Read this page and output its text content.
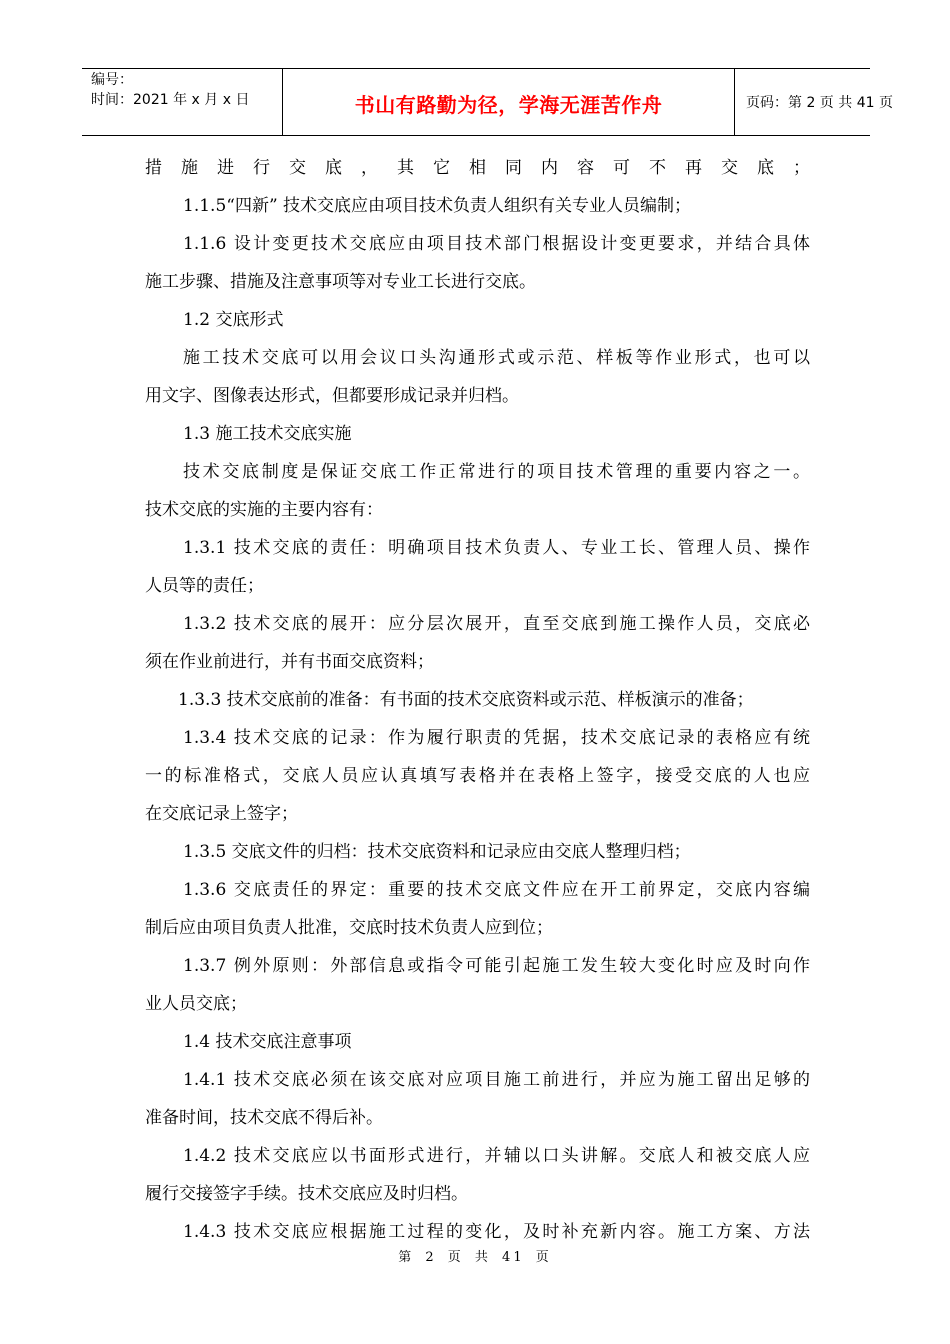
编号：
时间：2021 年 x 月 x 日	书山有路勤为径，学海无涯苦作舟	页码：第 2 页 共 41 页
措施进行交底，其它相同内容可不再交底；
1.1.5“四新” 技术交底应由项目技术负责人组织有关专业人员编制；
1.1.6 设计变更技术交底应由项目技术部门根据设计变更要求，并结合具体
施工步骤、措施及注意事项等对专业工长进行交底。
1.2 交底形式
施工技术交底可以用会议口头沟通形式或示范、样板等作业形式，也可以
用文字、图像表达形式，但都要形成记录并归档。
1.3 施工技术交底实施
技术交底制度是保证交底工作正常进行的项目技术管理的重要内容之一。
技术交底的实施的主要内容有：
1.3.1 技术交底的责任：明确项目技术负责人、专业工长、管理人员、操作
人员等的责任；
1.3.2 技术交底的展开：应分层次展开，直至交底到施工操作人员，交底必
须在作业前进行，并有书面交底资料；
1.3.3 技术交底前的准备：有书面的技术交底资料或示范、样板演示的准备；
1.3.4 技术交底的记录：作为履行职责的凭据，技术交底记录的表格应有统
一的标准格式，交底人员应认真填写表格并在表格上签字，接受交底的人也应
在交底记录上签字；
1.3.5 交底文件的归档：技术交底资料和记录应由交底人整理归档；
1.3.6 交底责任的界定：重要的技术交底文件应在开工前界定，交底内容编
制后应由项目负责人批准，交底时技术负责人应到位；
1.3.7 例外原则：外部信息或指令可能引起施工发生较大变化时应及时向作
业人员交底；
1.4 技术交底注意事项
1.4.1 技术交底必须在该交底对应项目施工前进行，并应为施工留出足够的
准备时间，技术交底不得后补。
1.4.2 技术交底应以书面形式进行，并辅以口头讲解。交底人和被交底人应
履行交接签字手续。技术交底应及时归档。
1.4.3 技术交底应根据施工过程的变化，及时补充新内容。施工方案、方法
第 2 页 共 41 页
